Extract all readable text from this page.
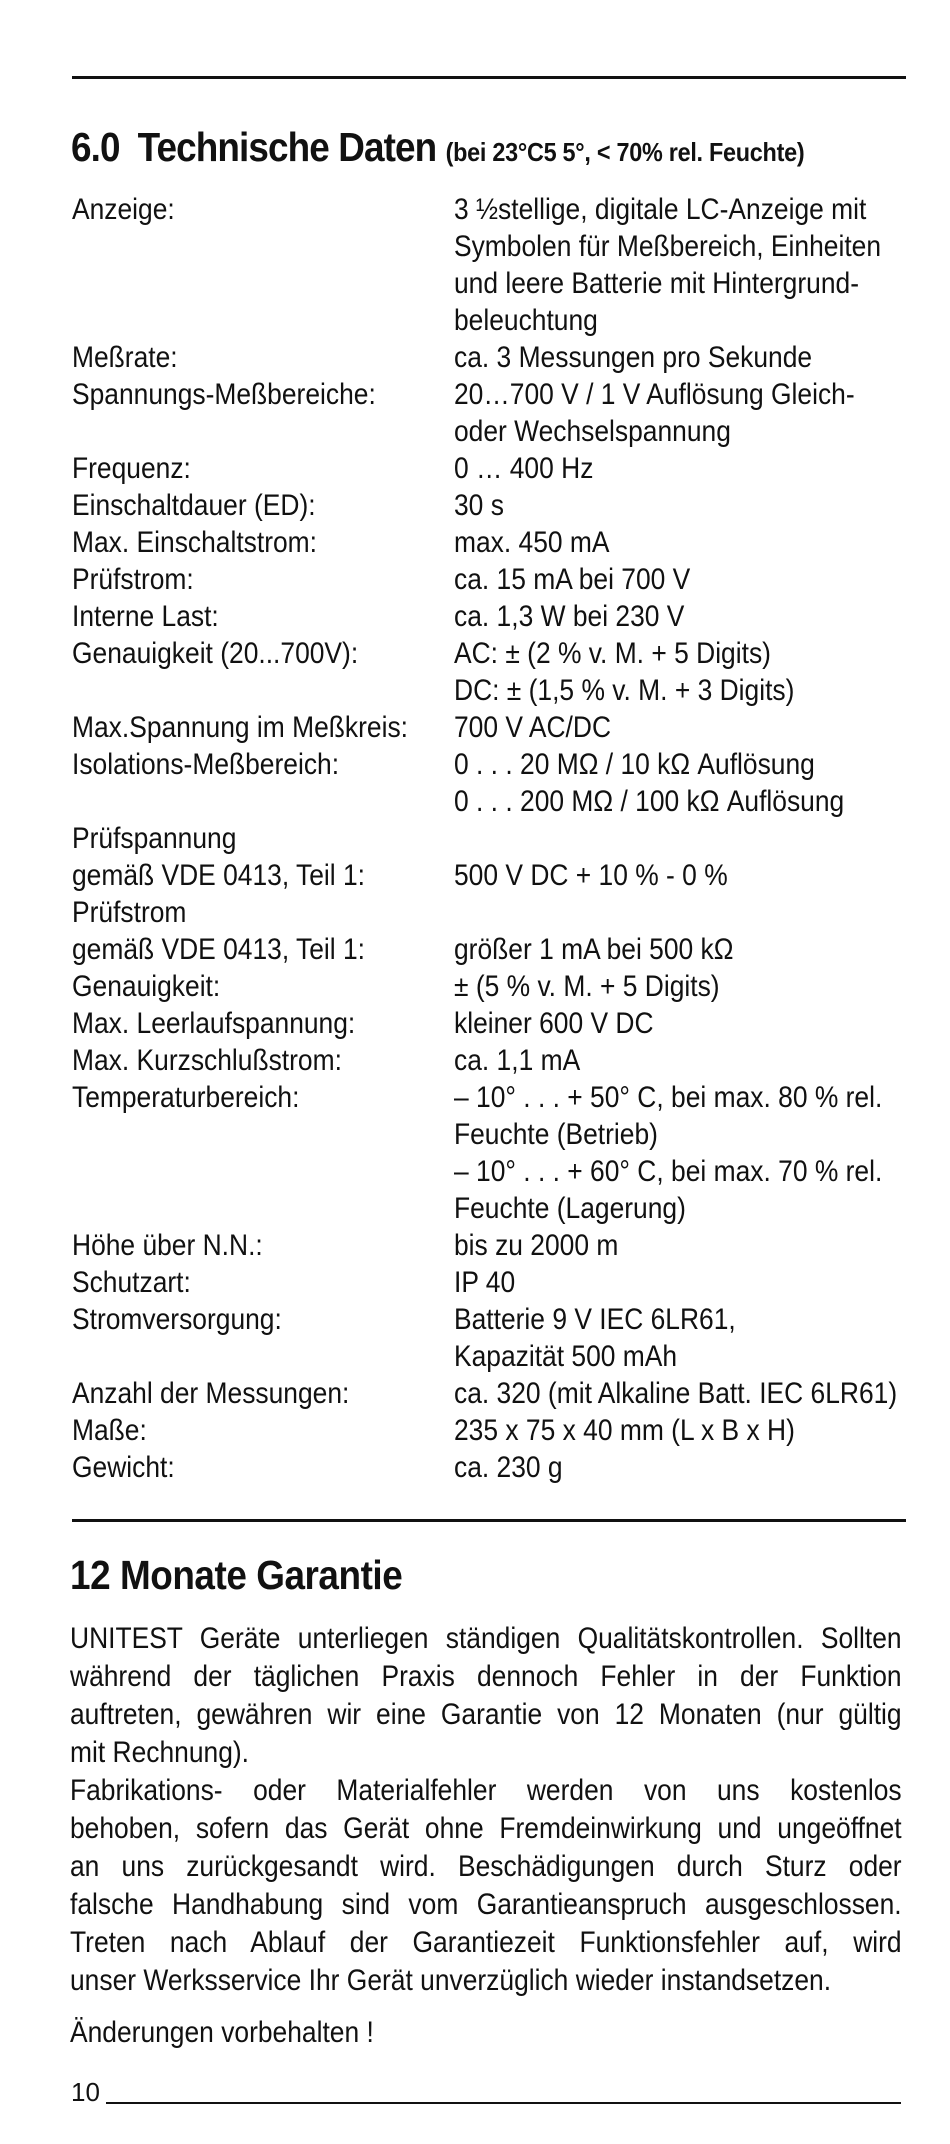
6.0 Technische Daten (bei 23°C5 5°, < 70% rel. Feuchte)
Anzeige:	3 ½stellige, digitale LC-Anzeige mit
Symbolen für Meßbereich, Einheiten
und leere Batterie mit Hintergrund-
beleuchtung

Meßrate:	ca. 3 Messungen pro Sekunde

Spannungs-Meßbereiche:	20…700 V / 1 V Auflösung Gleich-
oder Wechselspannung

Frequenz:	0 … 400 Hz

Einschaltdauer (ED):	30 s

Max. Einschaltstrom:	max. 450 mA

Prüfstrom:	ca. 15 mA bei 700 V

Interne Last:	ca. 1,3 W bei 230 V

Genauigkeit (20...700V):	AC: ± (2 % v. M. + 5 Digits)
DC: ± (1,5 % v. M. + 3 Digits)

Max.Spannung im Meßkreis:	700 V AC/DC

Isolations-Meßbereich:	0 . . . 20 MΩ / 10 kΩ Auflösung
0 . . . 200 MΩ / 100 kΩ Auflösung

Prüfspannung
gemäß VDE 0413, Teil 1:	500 V DC + 10 % - 0 %

Prüfstrom
gemäß VDE 0413, Teil 1:	größer 1 mA bei 500 kΩ

Genauigkeit:	± (5 % v. M. + 5 Digits)

Max. Leerlaufspannung:	kleiner 600 V DC

Max. Kurzschlußstrom:	ca. 1,1 mA

Temperaturbereich:	– 10° . . . + 50° C, bei max. 80 % rel.
Feuchte (Betrieb)
– 10° . . . + 60° C, bei max. 70 % rel.
Feuchte (Lagerung)

Höhe über N.N.:	bis zu 2000 m

Schutzart:	IP 40

Stromversorgung:	Batterie 9 V IEC 6LR61,
Kapazität 500 mAh

Anzahl der Messungen:	ca. 320 (mit Alkaline Batt. IEC 6LR61)

Maße:	235 x 75 x 40 mm (L x B x H)

Gewicht:	ca. 230 g
12 Monate Garantie
UNITEST Geräte unterliegen ständigen Qualitätskontrollen. Sollten
während der täglichen Praxis dennoch Fehler in der Funktion
auftreten, gewähren wir eine Garantie von 12 Monaten (nur gültig
mit Rechnung).
Fabrikations- oder Materialfehler werden von uns kostenlos
behoben, sofern das Gerät ohne Fremdeinwirkung und ungeöffnet
an uns zurückgesandt wird. Beschädigungen durch Sturz oder
falsche Handhabung sind vom Garantieanspruch ausgeschlossen.
Treten nach Ablauf der Garantiezeit Funktionsfehler auf, wird
unser Werksservice Ihr Gerät unverzüglich wieder instandsetzen.
Änderungen vorbehalten !
10
